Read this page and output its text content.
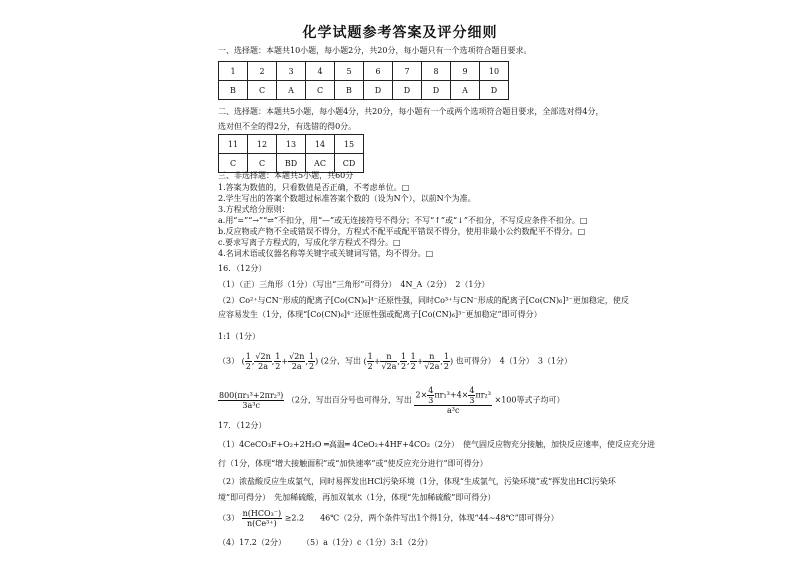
化学试题参考答案及评分细则
一、选择题：本题共10小题，每小题2分，共20分，每小题只有一个选项符合题目要求。
1	2	3	4	5	6	7	8	9	10
B	C	A	C	B	D	D	D	A	D
二、选择题：本题共5小题，每小题4分，共20分，每小题有一个或两个选项符合题目要求，全部选对得4分，
选对但不全的得2分，有选错的得0分。
11	12	13	14	15
C	C	BD	AC	CD
三、非选择题：本题共5小题，共60分
1.答案为数值的，只看数值是否正确，不考虑单位。□
2.学生写出的答案个数超过标准答案个数的（设为N个），以前N个为准。
3.方程式给分原则：
a.用“=”“→”“⇌”不扣分，用“—”或无连接符号不得分；不写“↑”或“↓”不扣分，不写反应条件不扣分。□
b.反应物或产物不全或错误不得分，方程式不配平或配平错误不得分，使用非最小公约数配平不得分。□
c.要求写离子方程式的，写成化学方程式不得分。□
4.名词术语或仪器名称等关键字或关键词写错，均不得分。□
16．（12分）
（1）（正）三角形（1分）（写出“三角形”可得分）　4N_A（2分）　2（1分）
（2）Co²⁺与CN⁻形成的配离子[Co(CN)₆]⁴⁻还原性强，同时Co³⁺与CN⁻形成的配离子[Co(CN)₆]³⁻更加稳定，使反
应容易发生（1分，体现“[Co(CN)₆]⁴⁻还原性强或配离子[Co(CN)₆]³⁻更加稳定”即可得分）
1:1（1分）
（3） ( $\frac{1}{2}$ , $\frac{√2n}{2a}$ , $\frac{1}{2} + \frac{√2n}{2a}$ , $\frac{1}{2}$ ) (2分，写出 ( $\frac{1}{2} + \frac{n}{√2a}$ , $\frac{1}{2}$ , $\frac{1}{2} + \frac{n}{√2a}$ , $\frac{1}{2}$ ) 也可得分）　4（1分）　3（1分）
$\frac{\text{800(πr₁³+2πr₂³)}}{\text{3a³c}} (2$分，写出百分号也可得分，写出 $\frac{2\times \frac{4}{3} \pi r_1^3+4\times \frac{4}{3} \pi r_2^3}{\text{a³c}} \times 100$等式子均可）
17．（12分）
（1）4CeCO₃F+O₂+2H₂O ═高温═ 4CeO₂+4HF+4CO₂（2分）　使气固反应物充分接触，加快反应速率，使反应充分进
行（1分，体现“增大接触面积”或“加快速率”或“使反应充分进行”即可得分）
（2）浓盐酸反应生成氯气，同时易挥发出HCl污染环境（1分，体现“生成氯气，污染环境”或“挥发出HCl污染环
境”即可得分）　先加稀硫酸，再加双氧水（1分，体现“先加稀硫酸”即可得分）
$(3) \frac{\text{n(HCO₃⁻)}}{\text{n(Ce³⁺)}} \ge 2.2$　　46℃（2分，两个条件写出1个得1分，体现“44~48℃”即可得分）
（4）17.2（2分）　　　（5）a（1分）c（1分）3:1（2分）
